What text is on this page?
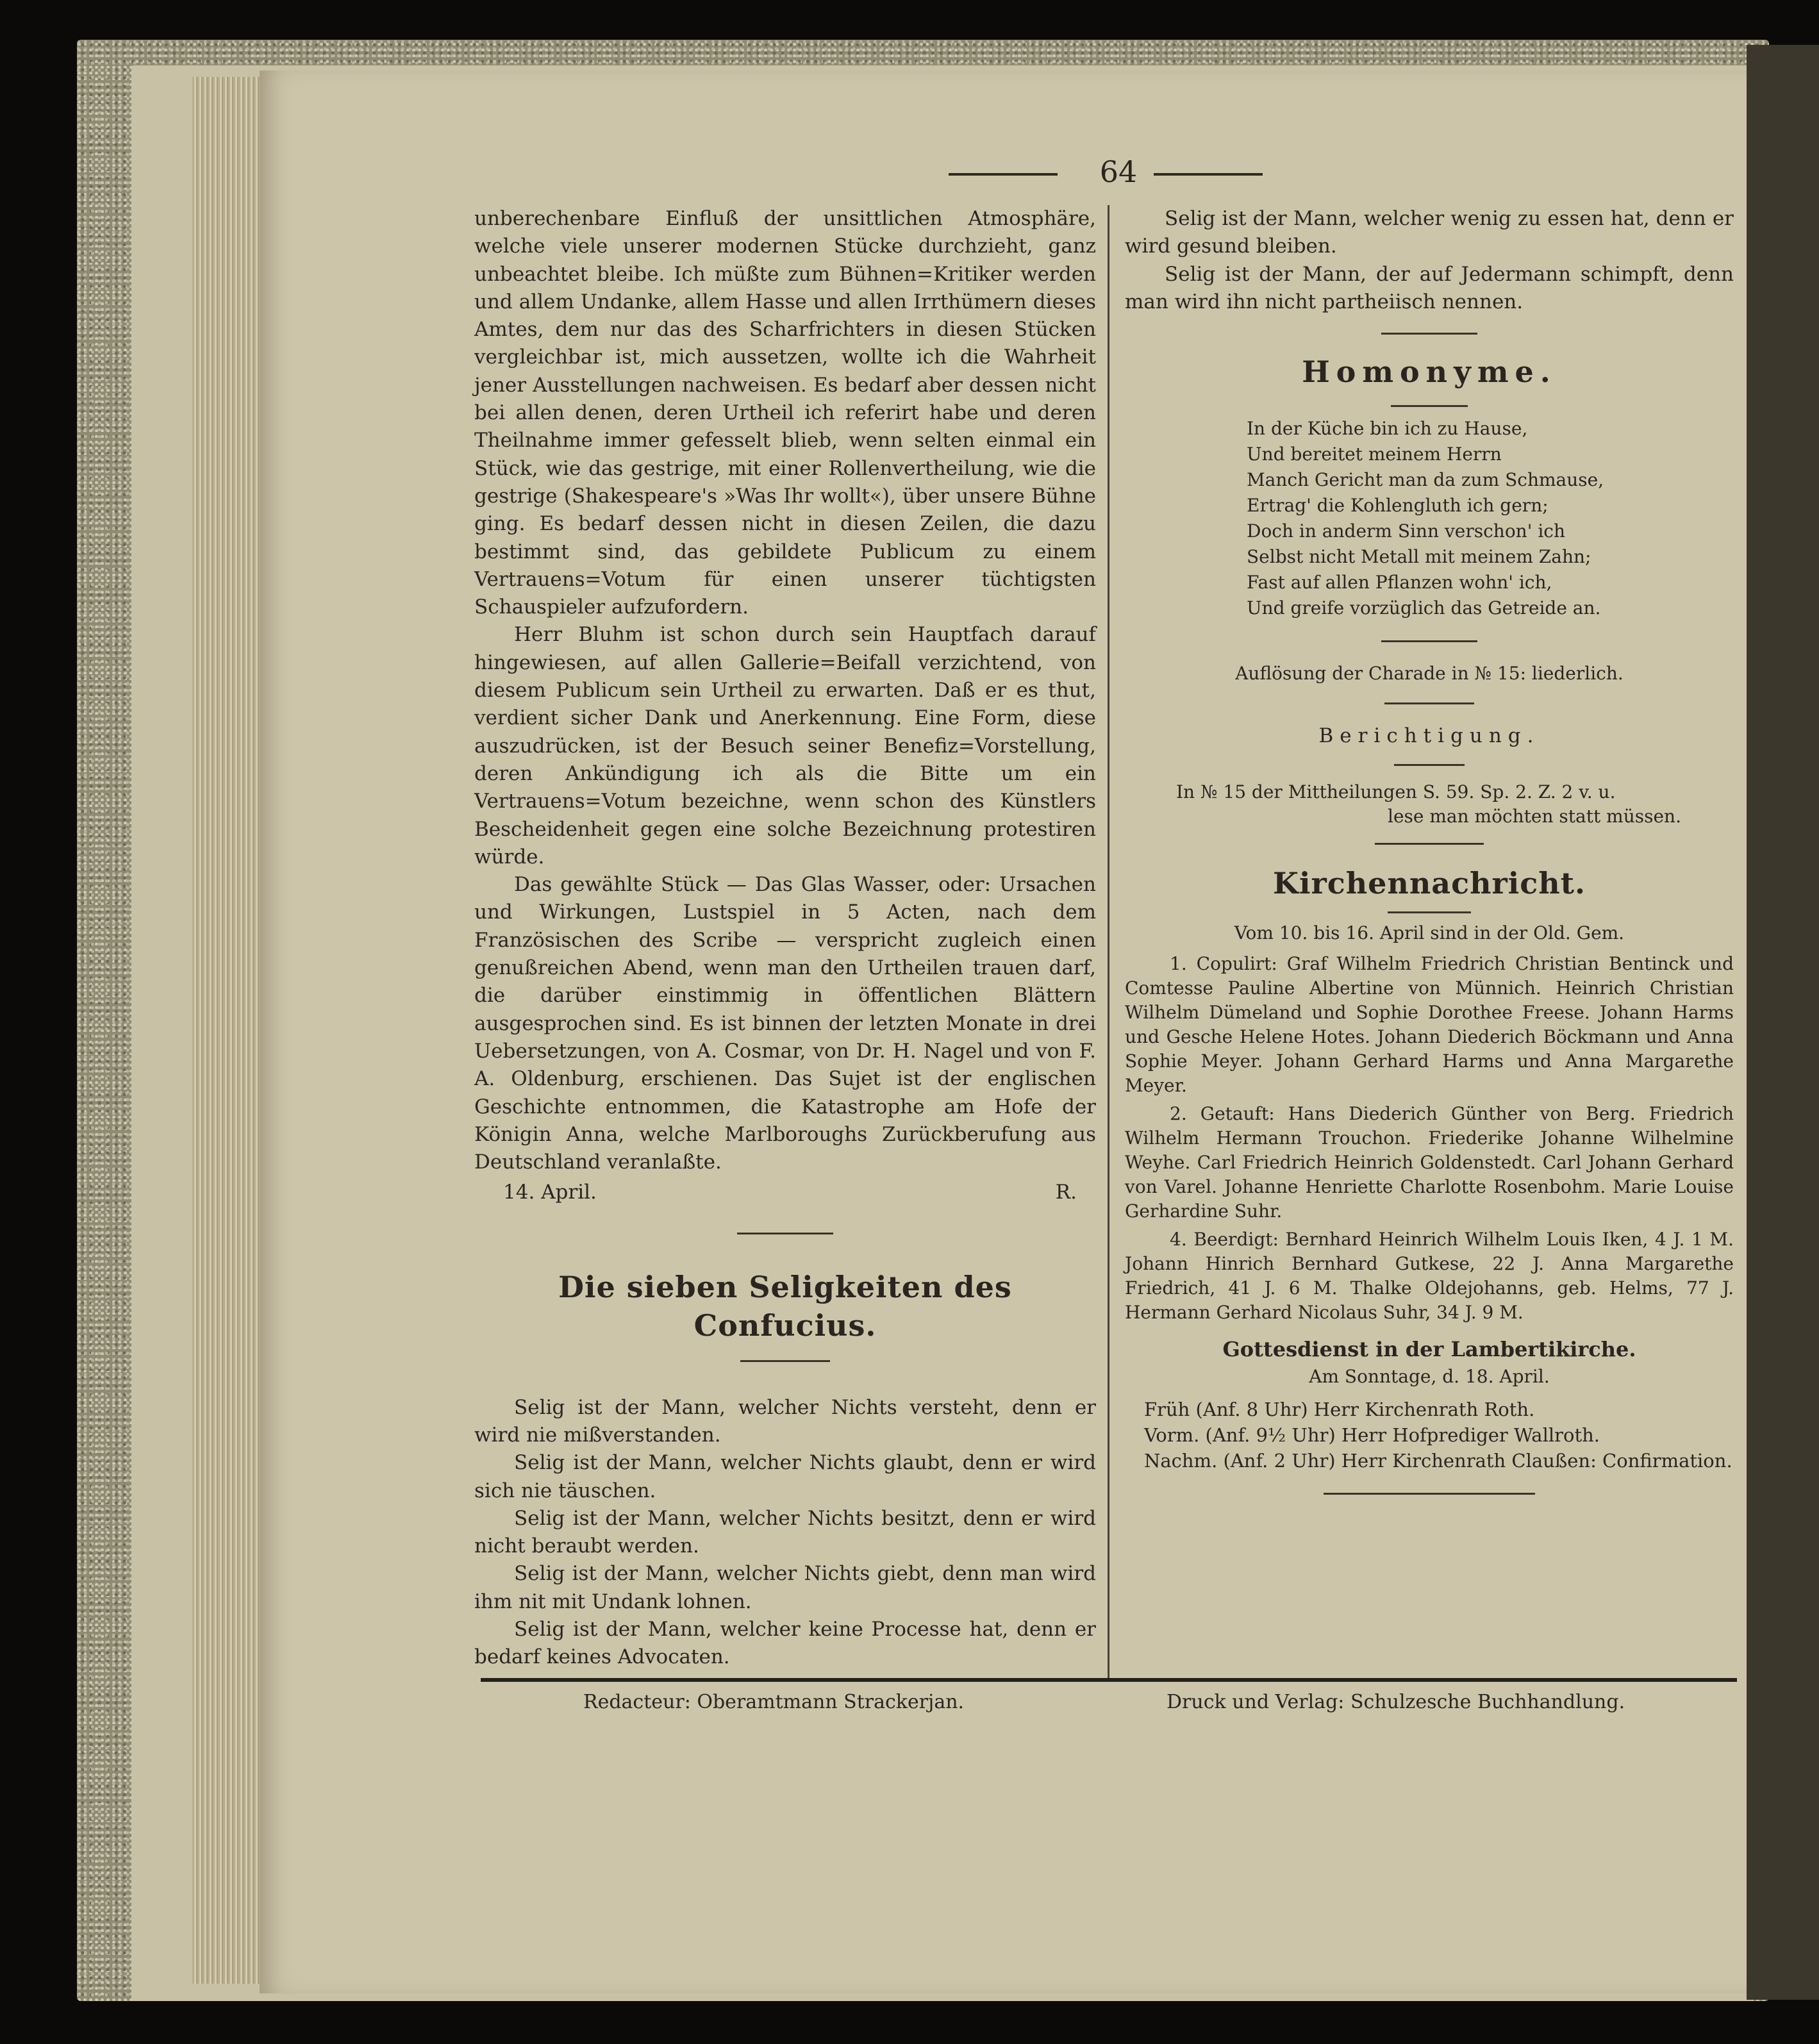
64

unberechenbare Einfluß der unsittlichen Atmosphäre, welche viele unserer modernen Stücke durchzieht, ganz unbeachtet bleibe. Ich müßte zum Bühnen=Kritiker werden und allem Undanke, allem Hasse und allen Irrthümern dieses Amtes, dem nur das des Scharfrichters in diesen Stücken vergleichbar ist, mich aussetzen, wollte ich die Wahrheit jener Ausstellungen nachweisen. Es bedarf aber dessen nicht bei allen denen, deren Urtheil ich referirt habe und deren Theilnahme immer gefesselt blieb, wenn selten einmal ein Stück, wie das gestrige, mit einer Rollenvertheilung, wie die gestrige (Shakespeare's »Was Ihr wollt«), über unsere Bühne ging. Es bedarf dessen nicht in diesen Zeilen, die dazu bestimmt sind, das gebildete Publicum zu einem Vertrauens=Votum für einen unserer tüchtigsten Schauspieler aufzufordern.

Herr Bluhm ist schon durch sein Hauptfach darauf hingewiesen, auf allen Gallerie=Beifall verzichtend, von diesem Publicum sein Urtheil zu erwarten. Daß er es thut, verdient sicher Dank und Anerkennung. Eine Form, diese auszudrücken, ist der Besuch seiner Benefiz=Vorstellung, deren Ankündigung ich als die Bitte um ein Vertrauens=Votum bezeichne, wenn schon des Künstlers Bescheidenheit gegen eine solche Bezeichnung protestiren würde.

Das gewählte Stück — Das Glas Wasser, oder: Ursachen und Wirkungen, Lustspiel in 5 Acten, nach dem Französischen des Scribe — verspricht zugleich einen genußreichen Abend, wenn man den Urtheilen trauen darf, die darüber einstimmig in öffentlichen Blättern ausgesprochen sind. Es ist binnen der letzten Monate in drei Uebersetzungen, von A. Cosmar, von Dr. H. Nagel und von F. A. Oldenburg, erschienen. Das Sujet ist der englischen Geschichte entnommen, die Katastrophe am Hofe der Königin Anna, welche Marlboroughs Zurückberufung aus Deutschland veranlaßte.

14. April.	R.
Die sieben Seligkeiten des Confucius.

Selig ist der Mann, welcher Nichts versteht, denn er wird nie mißverstanden.

Selig ist der Mann, welcher Nichts glaubt, denn er wird sich nie täuschen.

Selig ist der Mann, welcher Nichts besitzt, denn er wird nicht beraubt werden.

Selig ist der Mann, welcher Nichts giebt, denn man wird ihm nit mit Undank lohnen.

Selig ist der Mann, welcher keine Processe hat, denn er bedarf keines Advocaten.

Selig ist der Mann, welcher wenig zu essen hat, denn er wird gesund bleiben.

Selig ist der Mann, der auf Jedermann schimpft, denn man wird ihn nicht partheiisch nennen.

Homonyme.
In der Küche bin ich zu Hause,
Und bereitet meinem Herrn
Manch Gericht man da zum Schmause,
Ertrag' die Kohlengluth ich gern;
Doch in anderm Sinn verschon' ich
Selbst nicht Metall mit meinem Zahn;
Fast auf allen Pflanzen wohn' ich,
Und greife vorzüglich das Getreide an.
Auflösung der Charade in № 15: liederlich.
Berichtigung.
In № 15 der Mittheilungen S. 59. Sp. 2. Z. 2 v. u.
lese man möchten statt müssen.
Kirchennachricht.
Vom 10. bis 16. April sind in der Old. Gem.

1. Copulirt: Graf Wilhelm Friedrich Christian Bentinck und Comtesse Pauline Albertine von Münnich. Heinrich Christian Wilhelm Dümeland und Sophie Dorothee Freese. Johann Harms und Gesche Helene Hotes. Johann Diederich Böckmann und Anna Sophie Meyer. Johann Gerhard Harms und Anna Margarethe Meyer.

2. Getauft: Hans Diederich Günther von Berg. Friedrich Wilhelm Hermann Trouchon. Friederike Johanne Wilhelmine Weyhe. Carl Friedrich Heinrich Goldenstedt. Carl Johann Gerhard von Varel. Johanne Henriette Charlotte Rosenbohm. Marie Louise Gerhardine Suhr.

4. Beerdigt: Bernhard Heinrich Wilhelm Louis Iken, 4 J. 1 M. Johann Hinrich Bernhard Gutkese, 22 J. Anna Margarethe Friedrich, 41 J. 6 M. Thalke Oldejohanns, geb. Helms, 77 J. Hermann Gerhard Nicolaus Suhr, 34 J. 9 M.

Gottesdienst in der Lambertikirche.
Am Sonntage, d. 18. April.
Früh (Anf. 8 Uhr) Herr Kirchenrath Roth.
Vorm. (Anf. 9½ Uhr) Herr Hofprediger Wallroth.
Nachm. (Anf. 2 Uhr) Herr Kirchenrath Claußen: Confirmation.
Redacteur: Oberamtmann Strackerjan.	Druck und Verlag: Schulzesche Buchhandlung.
